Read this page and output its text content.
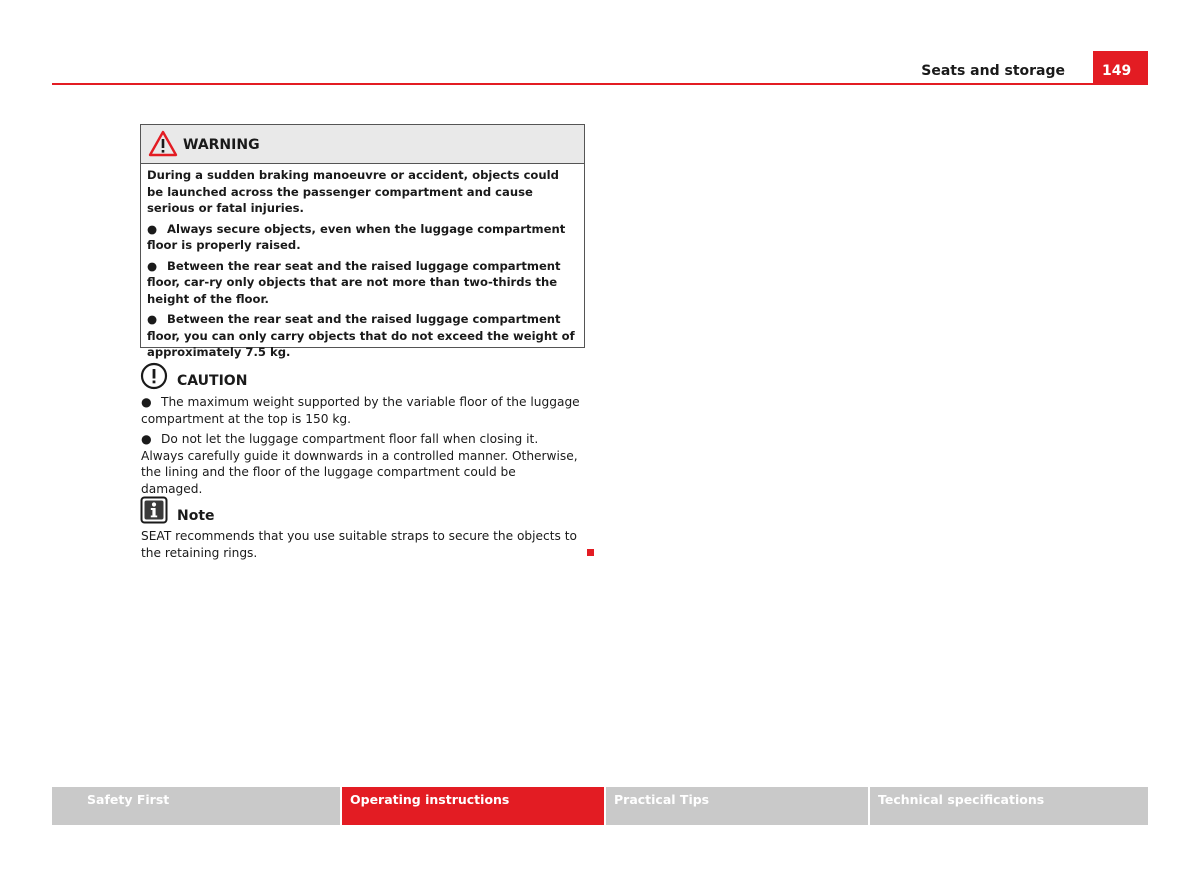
Seats and storage	149
WARNING

During a sudden braking manoeuvre or accident, objects could be launched across the passenger compartment and cause serious or fatal injuries.

● Always secure objects, even when the luggage compartment floor is properly raised.

● Between the rear seat and the raised luggage compartment floor, car-ry only objects that are not more than two-thirds the height of the floor.

● Between the rear seat and the raised luggage compartment floor, you can only carry objects that do not exceed the weight of approximately 7.5 kg.

CAUTION

● The maximum weight supported by the variable floor of the luggage compartment at the top is 150 kg.

● Do not let the luggage compartment floor fall when closing it. Always carefully guide it downwards in a controlled manner. Otherwise, the lining and the floor of the luggage compartment could be damaged.

Note

SEAT recommends that you use suitable straps to secure the objects to the retaining rings.

Safety First	Operating instructions	Practical Tips	Technical specifications
